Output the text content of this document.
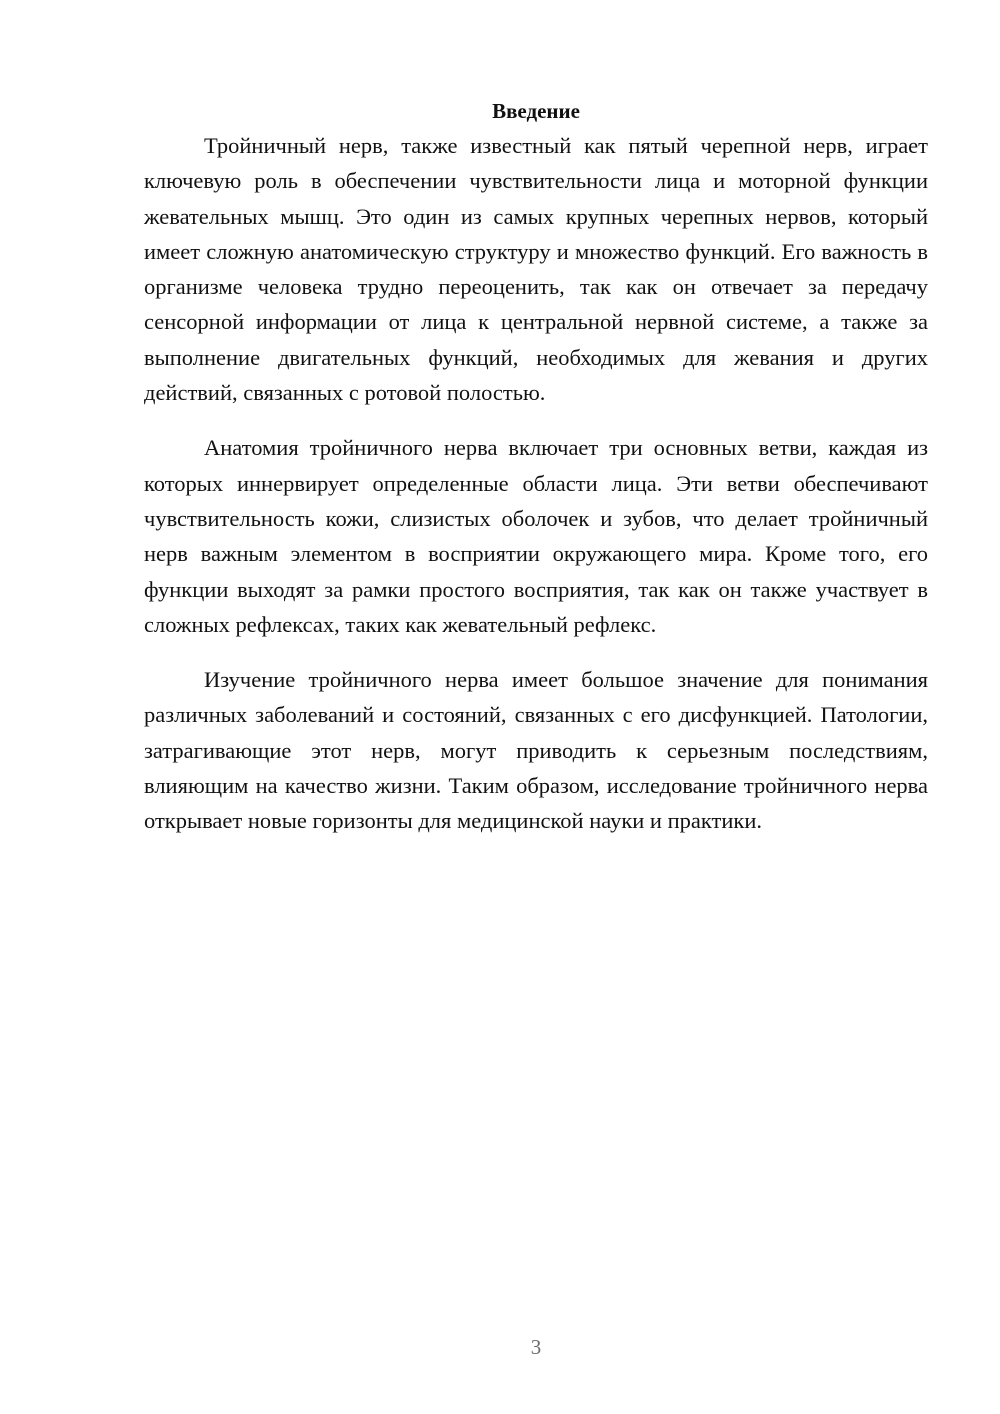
Введение

Тройничный нерв, также известный как пятый черепной нерв, играет ключевую роль в обеспечении чувствительности лица и моторной функции жевательных мышц. Это один из самых крупных черепных нервов, который имеет сложную анатомическую структуру и множество функций. Его важность в организме человека трудно переоценить, так как он отвечает за передачу сенсорной информации от лица к центральной нервной системе, а также за выполнение двигательных функций, необходимых для жевания и других действий, связанных с ротовой полостью.

Анатомия тройничного нерва включает три основных ветви, каждая из которых иннервирует определенные области лица. Эти ветви обеспечивают чувствительность кожи, слизистых оболочек и зубов, что делает тройничный нерв важным элементом в восприятии окружающего мира. Кроме того, его функции выходят за рамки простого восприятия, так как он также участвует в сложных рефлексах, таких как жевательный рефлекс.

Изучение тройничного нерва имеет большое значение для понимания различных заболеваний и состояний, связанных с его дисфункцией. Патологии, затрагивающие этот нерв, могут приводить к серьезным последствиям, влияющим на качество жизни. Таким образом, исследование тройничного нерва открывает новые горизонты для медицинской науки и практики.

3
